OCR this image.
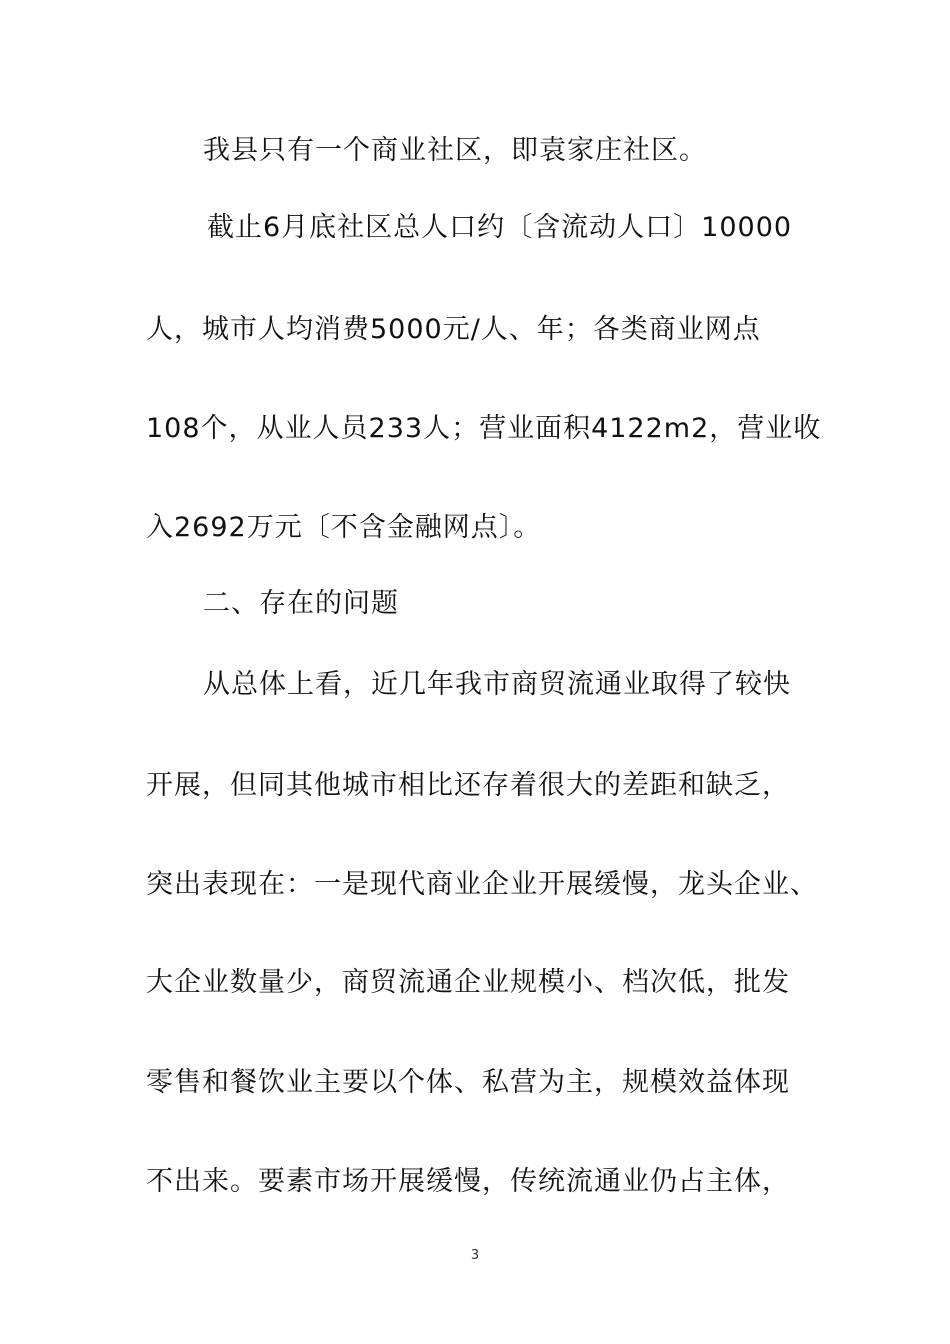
我县只有一个商业社区，即袁家庄社区。
截止6月底社区总人口约〔含流动人口〕10000
人，城市人均消费5000元/人、年；各类商业网点
108个，从业人员233人；营业面积4122m2，营业收
入2692万元〔不含金融网点〕。
二、存在的问题
从总体上看，近几年我市商贸流通业取得了较快
开展，但同其他城市相比还存着很大的差距和缺乏，
突出表现在：一是现代商业企业开展缓慢，龙头企业、
大企业数量少，商贸流通企业规模小、档次低，批发
零售和餐饮业主要以个体、私营为主，规模效益体现
不出来。要素市场开展缓慢，传统流通业仍占主体，
3
